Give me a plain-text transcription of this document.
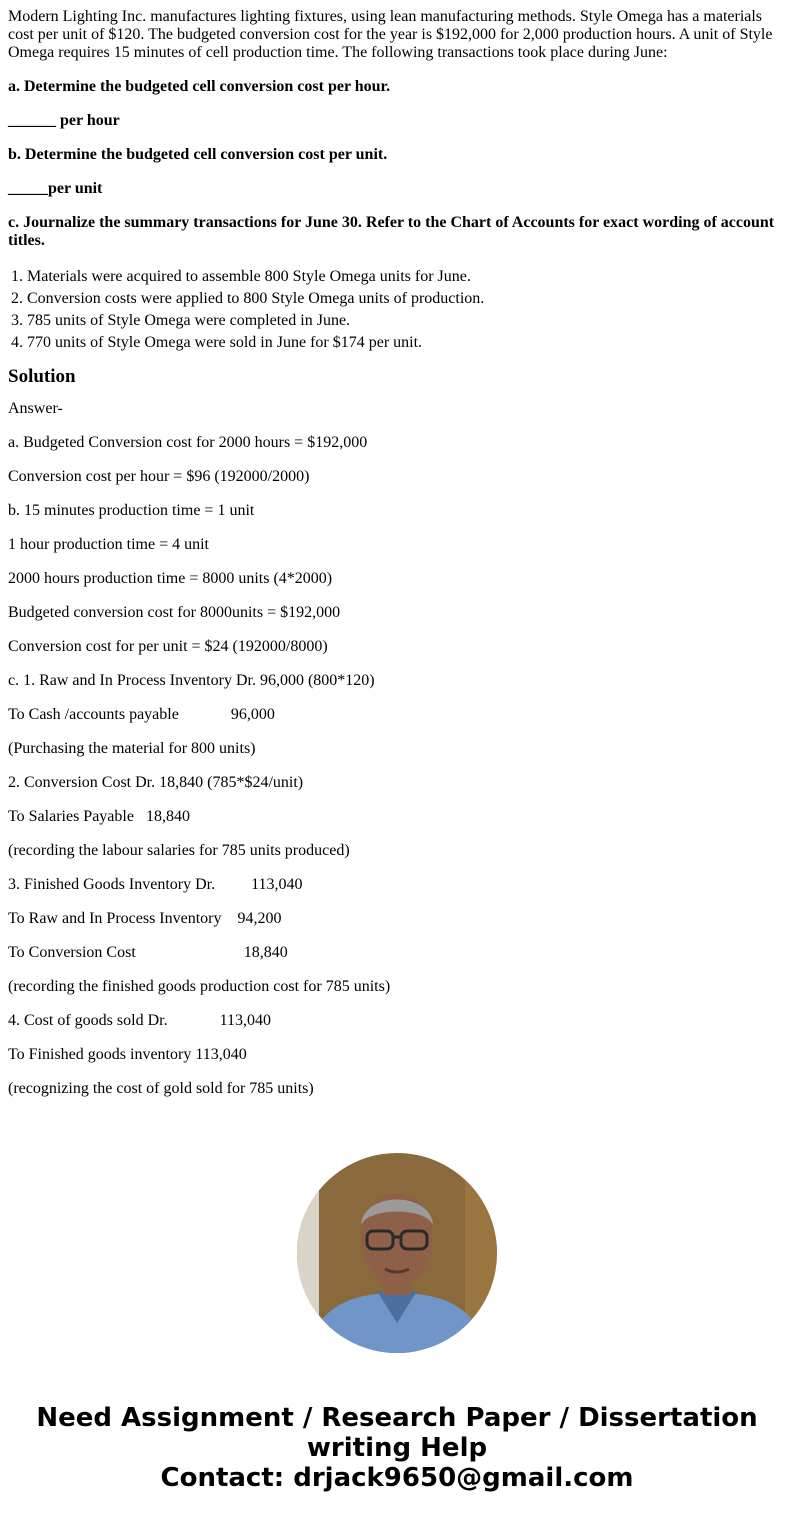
Modern Lighting Inc. manufactures lighting fixtures, using lean manufacturing methods. Style Omega has a materials cost per unit of $120. The budgeted conversion cost for the year is $192,000 for 2,000 production hours. A unit of Style Omega requires 15 minutes of cell production time. The following transactions took place during June:

a. Determine the budgeted cell conversion cost per hour.

______ per hour

b. Determine the budgeted cell conversion cost per unit.

_____per unit

c. Journalize the summary transactions for June 30. Refer to the Chart of Accounts for exact wording of account titles.

1. Materials were acquired to assemble 800 Style Omega units for June.
2. Conversion costs were applied to 800 Style Omega units of production.
3. 785 units of Style Omega were completed in June.
4. 770 units of Style Omega were sold in June for $174 per unit.
Solution

Answer-

a. Budgeted Conversion cost for 2000 hours = $192,000

Conversion cost per hour = $96 (192000/2000)

b. 15 minutes production time = 1 unit

1 hour production time = 4 unit

2000 hours production time = 8000 units (4*2000)

Budgeted conversion cost for 8000units = $192,000

Conversion cost for per unit = $24 (192000/8000)

c. 1. Raw and In Process Inventory Dr. 96,000 (800*120)

To Cash /accounts payable             96,000

(Purchasing the material for 800 units)

2. Conversion Cost Dr. 18,840 (785*$24/unit)

To Salaries Payable   18,840

(recording the labour salaries for 785 units produced)

3. Finished Goods Inventory Dr.         113,040

To Raw and In Process Inventory    94,200

To Conversion Cost                           18,840

(recording the finished goods production cost for 785 units)

4. Cost of goods sold Dr.             113,040

To Finished goods inventory 113,040

(recognizing the cost of gold sold for 785 units)

Need Assignment / Research Paper / Dissertation
writing Help
Contact: drjack9650@gmail.com
